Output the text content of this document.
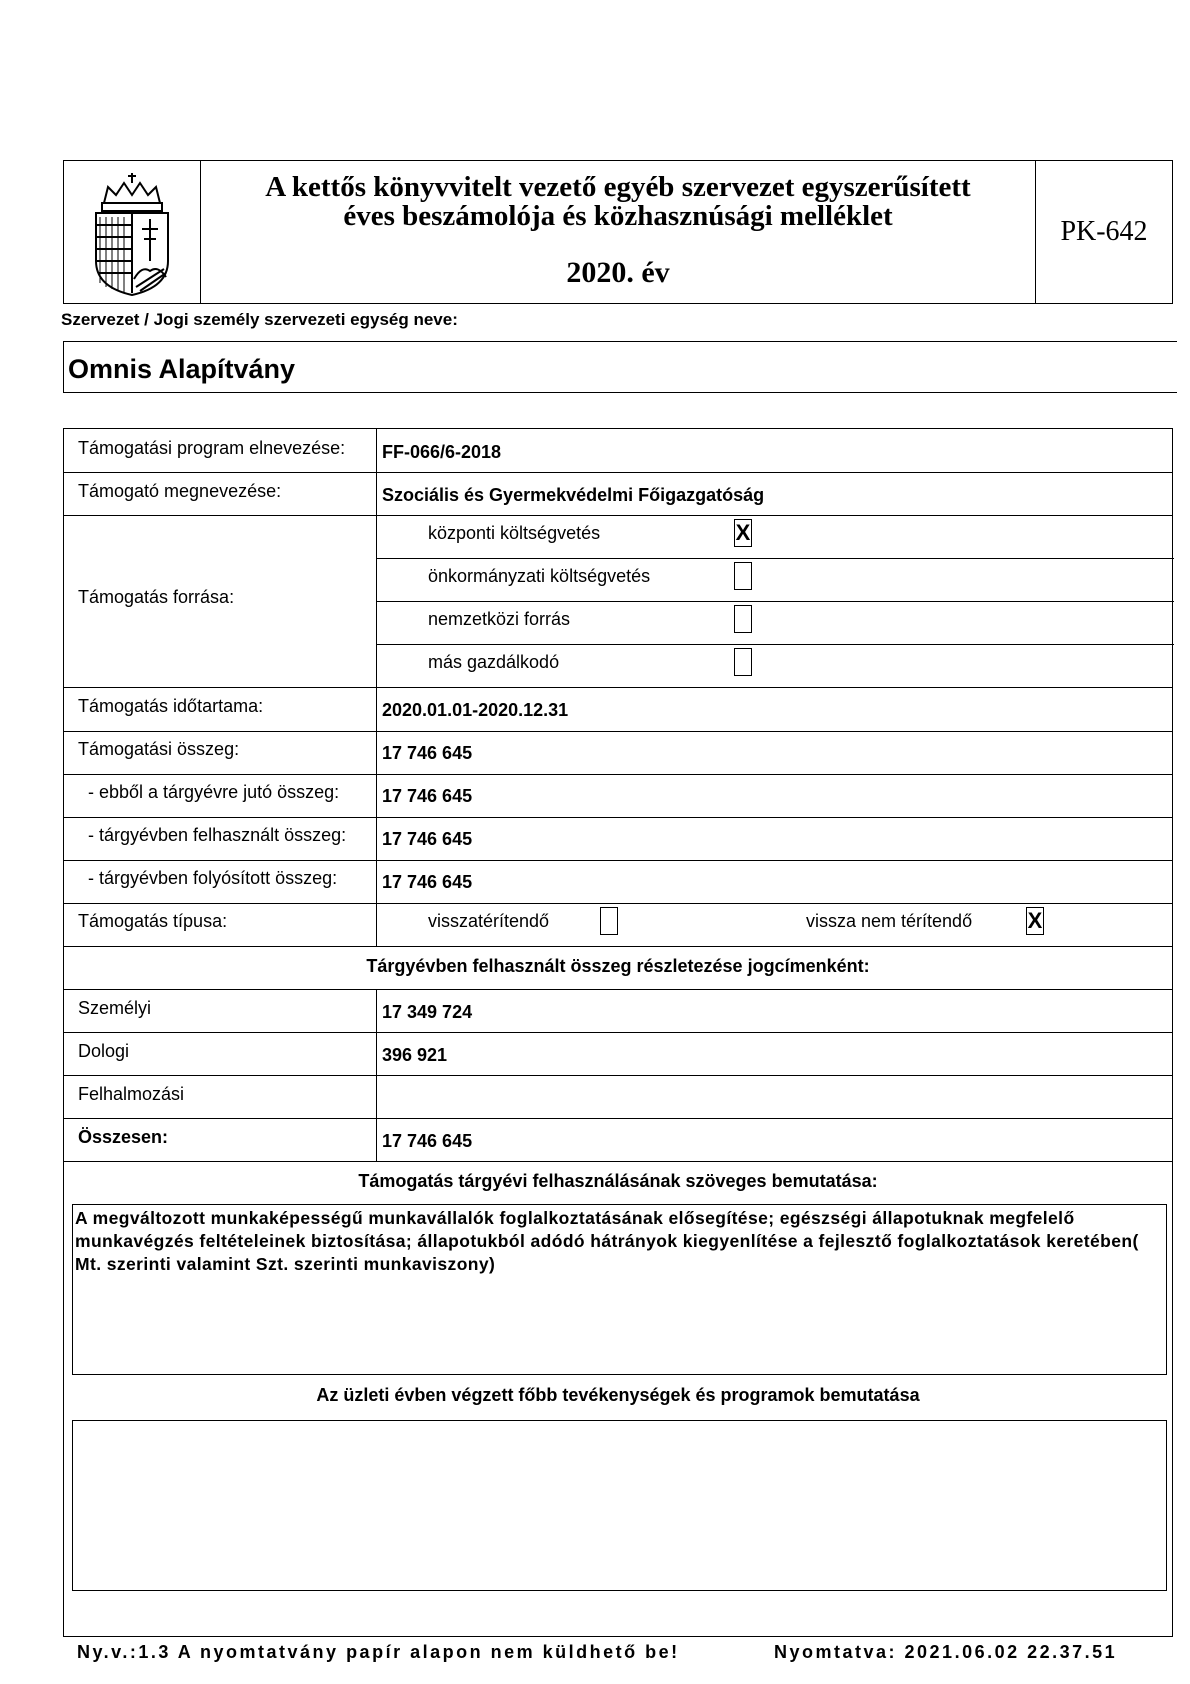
A kettős könyvvitelt vezető egyéb szervezet egyszerűsített
éves beszámolója és közhasznúsági melléklet
2020. év
PK-642
Szervezet / Jogi személy szervezeti egység neve:
Omnis Alapítvány
Támogatási program elnevezése: FF-066/6-2018
Támogató megnevezése:	Szociális és Gyermekvédelmi Főigazgatóság
Támogatás forrása:
központi költségvetés	X
önkormányzati költségvetés
nemzetközi forrás
más gazdálkodó
Támogatás időtartama:	2020.01.01-2020.12.31
Támogatási összeg:	17 746 645
- ebből a tárgyévre jutó összeg: 17 746 645
- tárgyévben felhasznált összeg: 17 746 645
- tárgyévben folyósított összeg: 17 746 645
Támogatás típusa:	visszatérítendő	vissza nem térítendő	X
Tárgyévben felhasznált összeg részletezése jogcímenként:
Személyi	17 349 724
Dologi	396 921
Felhalmozási
Összesen:	17 746 645
Támogatás tárgyévi felhasználásának szöveges bemutatása:
A megváltozott munkaképességű munkavállalók foglalkoztatásának elősegítése; egészségi állapotuknak megfelelő munkavégzés feltételeinek biztosítása; állapotukból adódó hátrányok kiegyenlítése a fejlesztő foglalkoztatások keretében( Mt. szerinti valamint Szt. szerinti munkaviszony)
Az üzleti évben végzett főbb tevékenységek és programok bemutatása
Ny.v.:1.3 A nyomtatvány papír alapon nem küldhető be!	Nyomtatva: 2021.06.02 22.37.51
